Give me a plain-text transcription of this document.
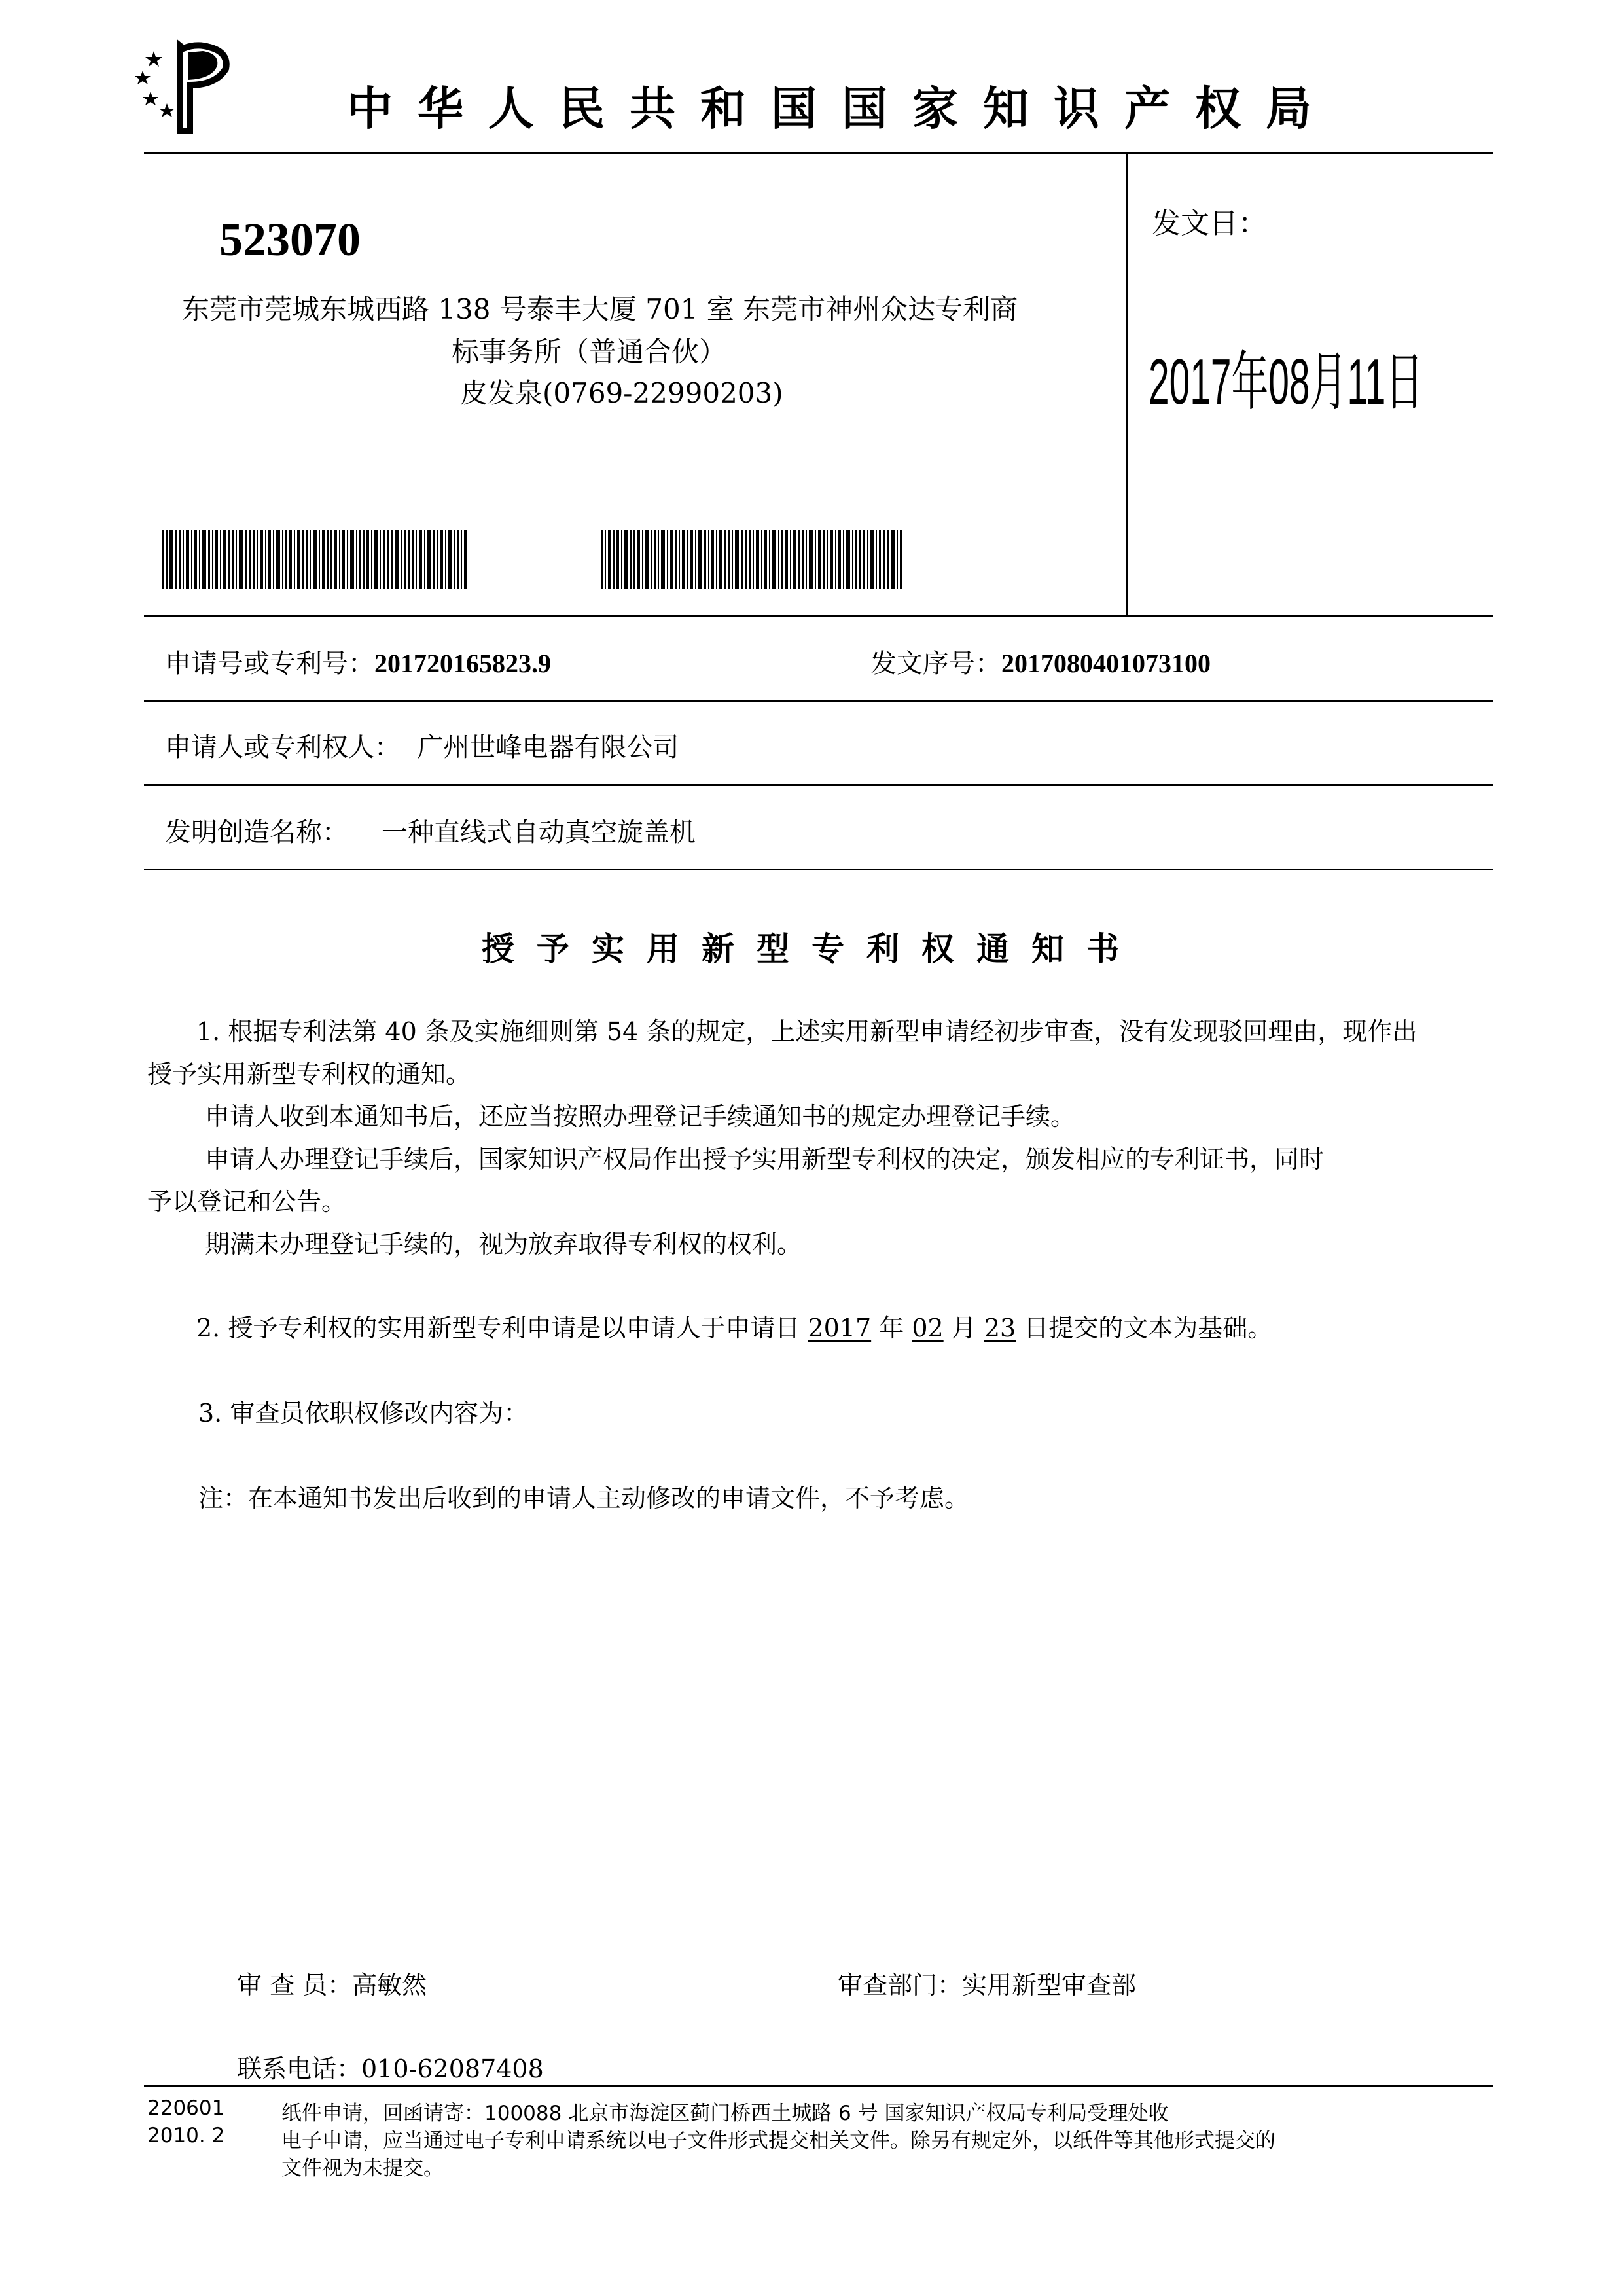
中华人民共和国国家知识产权局
523070
东莞市莞城东城西路 138 号泰丰大厦 701 室 东莞市神州众达专利商
标事务所（普通合伙）
皮发泉(0769-22990203)
发文日：
2017年08月11日
申请号或专利号：201720165823.9	发文序号：2017080401073100
申请人或专利权人： 广州世峰电器有限公司
发明创造名称： 一种直线式自动真空旋盖机
授予实用新型专利权通知书
1. 根据专利法第 40 条及实施细则第 54 条的规定，上述实用新型申请经初步审查，没有发现驳回理由，现作出
授予实用新型专利权的通知。
申请人收到本通知书后，还应当按照办理登记手续通知书的规定办理登记手续。
申请人办理登记手续后，国家知识产权局作出授予实用新型专利权的决定，颁发相应的专利证书，同时
予以登记和公告。
期满未办理登记手续的，视为放弃取得专利权的权利。
2. 授予专利权的实用新型专利申请是以申请人于申请日 2017 年 02 月 23 日提交的文本为基础。
3. 审查员依职权修改内容为：
注：在本通知书发出后收到的申请人主动修改的申请文件，不予考虑。
审 查 员：高敏然	审查部门：实用新型审查部
联系电话：010-62087408
220601
2010. 2
纸件申请，回函请寄：100088 北京市海淀区蓟门桥西土城路 6 号 国家知识产权局专利局受理处收
电子申请，应当通过电子专利申请系统以电子文件形式提交相关文件。除另有规定外，以纸件等其他形式提交的
文件视为未提交。
